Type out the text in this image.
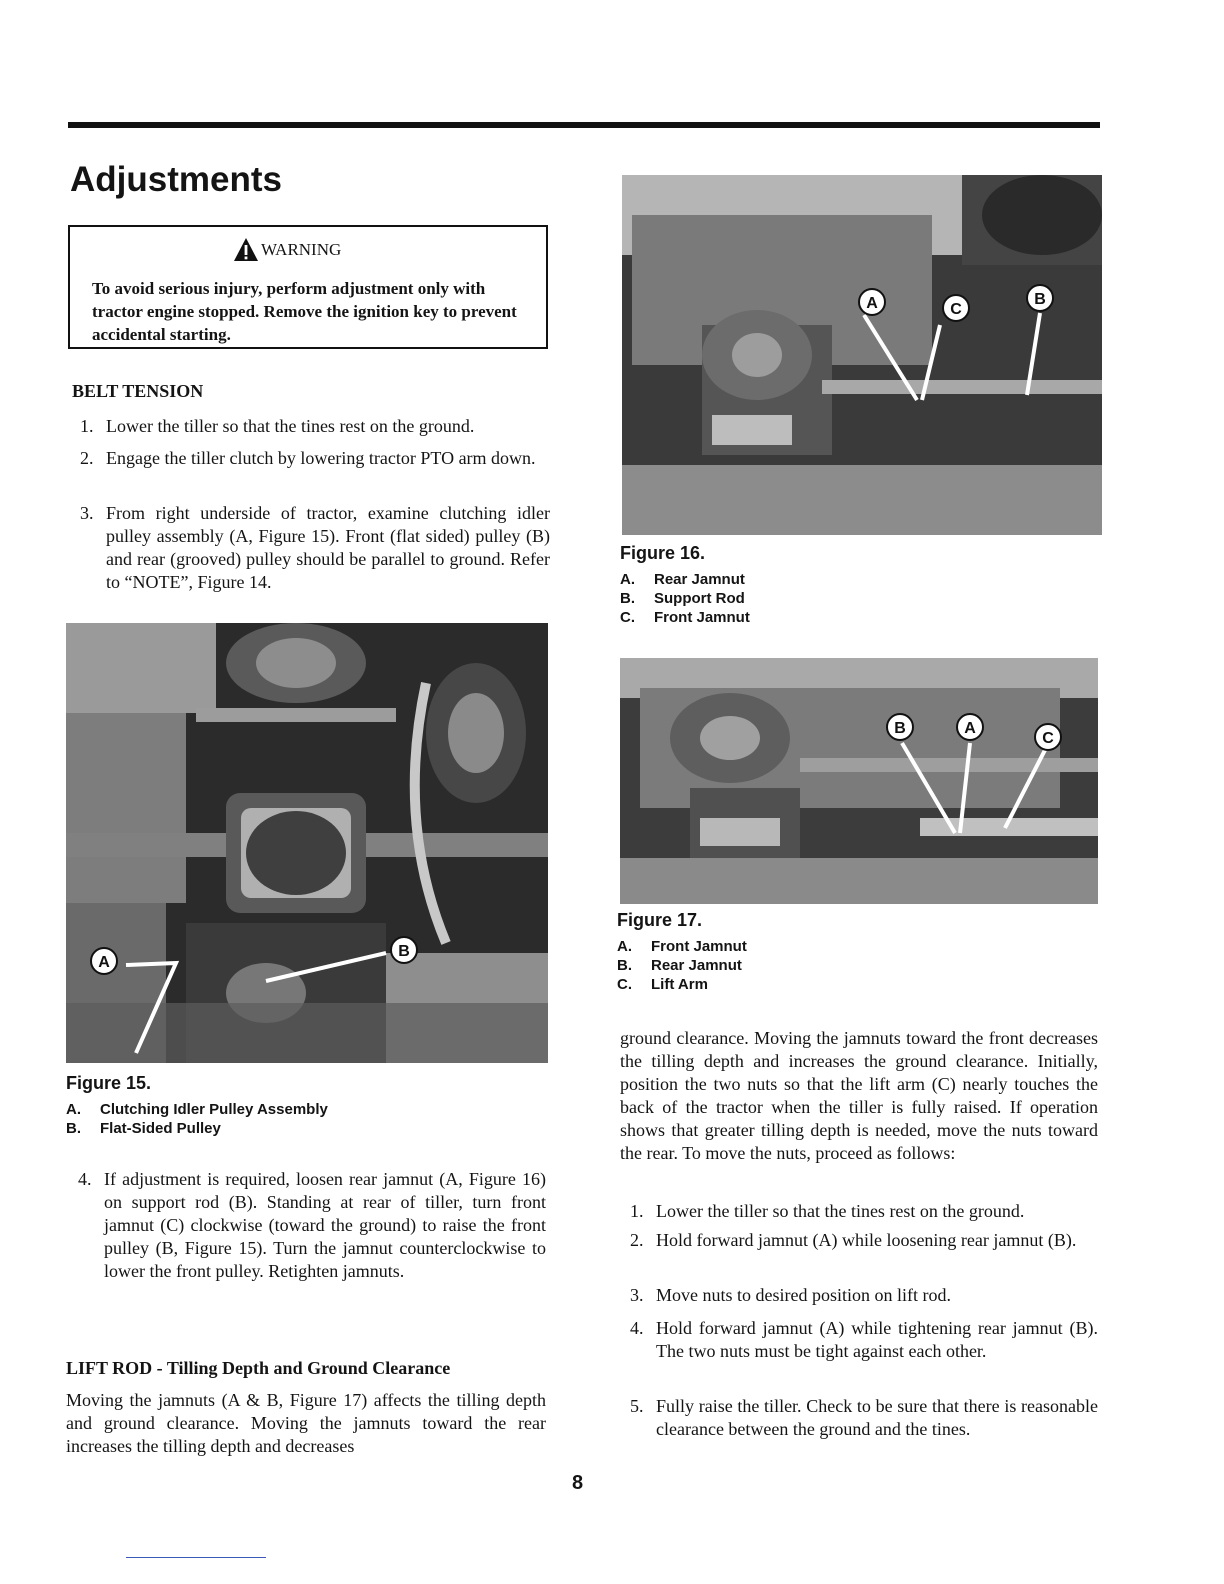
Adjustments
WARNING
To avoid serious injury, perform adjustment only with tractor engine stopped. Remove the ignition key to prevent accidental starting.
BELT TENSION
1. Lower the tiller so that the tines rest on the ground.
2. Engage the tiller clutch by lowering tractor PTO arm down.
3. From right underside of tractor, examine clutching idler pulley assembly (A, Figure 15). Front (flat sided) pulley (B) and rear (grooved) pulley should be parallel to ground. Refer to “NOTE”, Figure 14.
A
B
Figure 15.
A. Clutching Idler Pulley Assembly
B. Flat-Sided Pulley
4. If adjustment is required, loosen rear jamnut (A, Figure 16) on support rod (B). Standing at rear of tiller, turn front jamnut (C) clockwise (toward the ground) to raise the front pulley (B, Figure 15). Turn the jamnut counterclockwise to lower the front pulley. Retighten jamnuts.
LIFT ROD - Tilling Depth and Ground Clearance

Moving the jamnuts (A & B, Figure 17) affects the tilling depth and ground clearance. Moving the jamnuts toward the rear increases the tilling depth and decreases

A	C
B
Figure 16.
A. Rear Jamnut
B. Support Rod
C. Front Jamnut
B	A
C
Figure 17.
A. Front Jamnut
B. Rear Jamnut
C. Lift Arm

ground clearance. Moving the jamnuts toward the front decreases the tilling depth and increases the ground clearance. Initially, position the two nuts so that the lift arm (C) nearly touches the back of the tractor when the tiller is fully raised. If operation shows that greater tilling depth is needed, move the nuts toward the rear. To move the nuts, proceed as follows:

1. Lower the tiller so that the tines rest on the ground.
2. Hold forward jamnut (A) while loosening rear jamnut (B).
3. Move nuts to desired position on lift rod.
4. Hold forward jamnut (A) while tightening rear jamnut (B). The two nuts must be tight against each other.
5. Fully raise the tiller. Check to be sure that there is reasonable clearance between the ground and the tines.
8
